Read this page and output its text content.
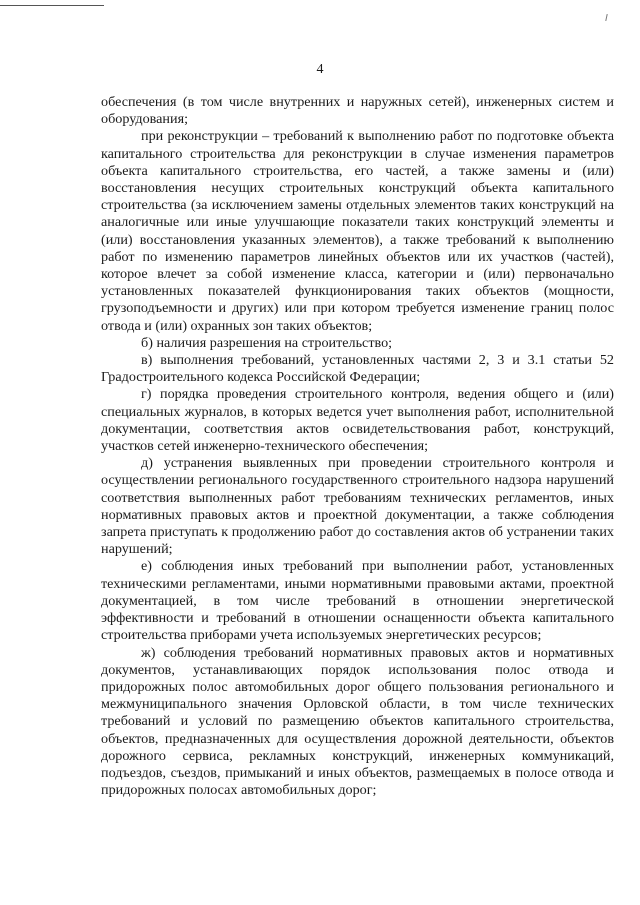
4

обеспечения (в том числе внутренних и наружных сетей), инженерных систем и оборудования;

при реконструкции – требований к выполнению работ по подготовке объекта капитального строительства для реконструкции в случае изменения параметров объекта капитального строительства, его частей, а также замены и (или) восстановления несущих строительных конструкций объекта капитального строительства (за исключением замены отдельных элементов таких конструкций на аналогичные или иные улучшающие показатели таких конструкций элементы и (или) восстановления указанных элементов), а также требований к выполнению работ по изменению параметров линейных объектов или их участков (частей), которое влечет за собой изменение класса, категории и (или) первоначально установленных показателей функционирования таких объектов (мощности, грузоподъемности и других) или при котором требуется изменение границ полос отвода и (или) охранных зон таких объектов;

б) наличия разрешения на строительство;

в) выполнения требований, установленных частями 2, 3 и 3.1 статьи 52 Градостроительного кодекса Российской Федерации;

г) порядка проведения строительного контроля, ведения общего и (или) специальных журналов, в которых ведется учет выполнения работ, исполнительной документации, соответствия актов освидетельствования работ, конструкций, участков сетей инженерно-технического обеспечения;

д) устранения выявленных при проведении строительного контроля и осуществлении регионального государственного строительного надзора нарушений соответствия выполненных работ требованиям технических регламентов, иных нормативных правовых актов и проектной документации, а также соблюдения запрета приступать к продолжению работ до составления актов об устранении таких нарушений;

е) соблюдения иных требований при выполнении работ, установленных техническими регламентами, иными нормативными правовыми актами, проектной документацией, в том числе требований в отношении энергетической эффективности и требований в отношении оснащенности объекта капитального строительства приборами учета используемых энергетических ресурсов;

ж) соблюдения требований нормативных правовых актов и нормативных документов, устанавливающих порядок использования полос отвода и придорожных полос автомобильных дорог общего пользования регионального и межмуниципального значения Орловской области, в том числе технических требований и условий по размещению объектов капитального строительства, объектов, предназначенных для осуществления дорожной деятельности, объектов дорожного сервиса, рекламных конструкций, инженерных коммуникаций, подъездов, съездов, примыканий и иных объектов, размещаемых в полосе отвода и придорожных полосах автомобильных дорог;
